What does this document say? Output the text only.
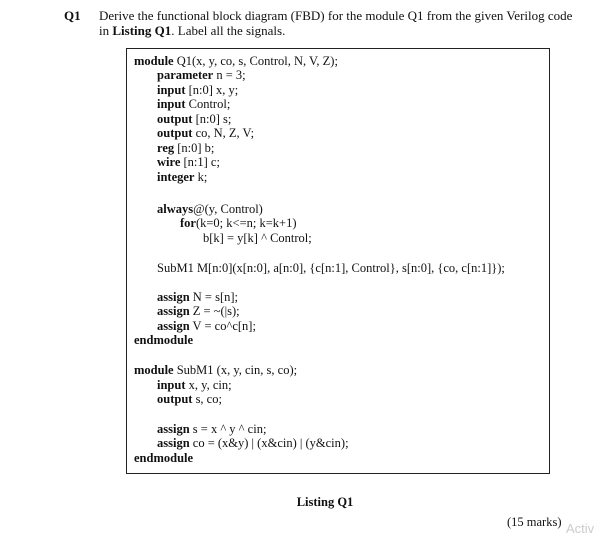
Q1 Derive the functional block diagram (FBD) for the module Q1 from the given Verilog code in Listing Q1. Label all the signals.
module Q1(x, y, co, s, Control, N, V, Z);
parameter n = 3;
input [n:0] x, y;
input Control;
output [n:0] s;
output co, N, Z, V;
reg [n:0] b;
wire [n:1] c;
integer k;
always@(y, Control)
for(k=0; k<=n; k=k+1)
b[k] = y[k] ^ Control;
SubM1 M[n:0](x[n:0], a[n:0], {c[n:1], Control}, s[n:0], {co, c[n:1]});
assign N = s[n];
assign Z = ~(|s);
assign V = co^c[n];
endmodule
module SubM1 (x, y, cin, s, co);
input x, y, cin;
output s, co;
assign s = x ^ y ^ cin;
assign co = (x&y) | (x&cin) | (y&cin);
endmodule
Listing Q1
(15 marks) Activ
